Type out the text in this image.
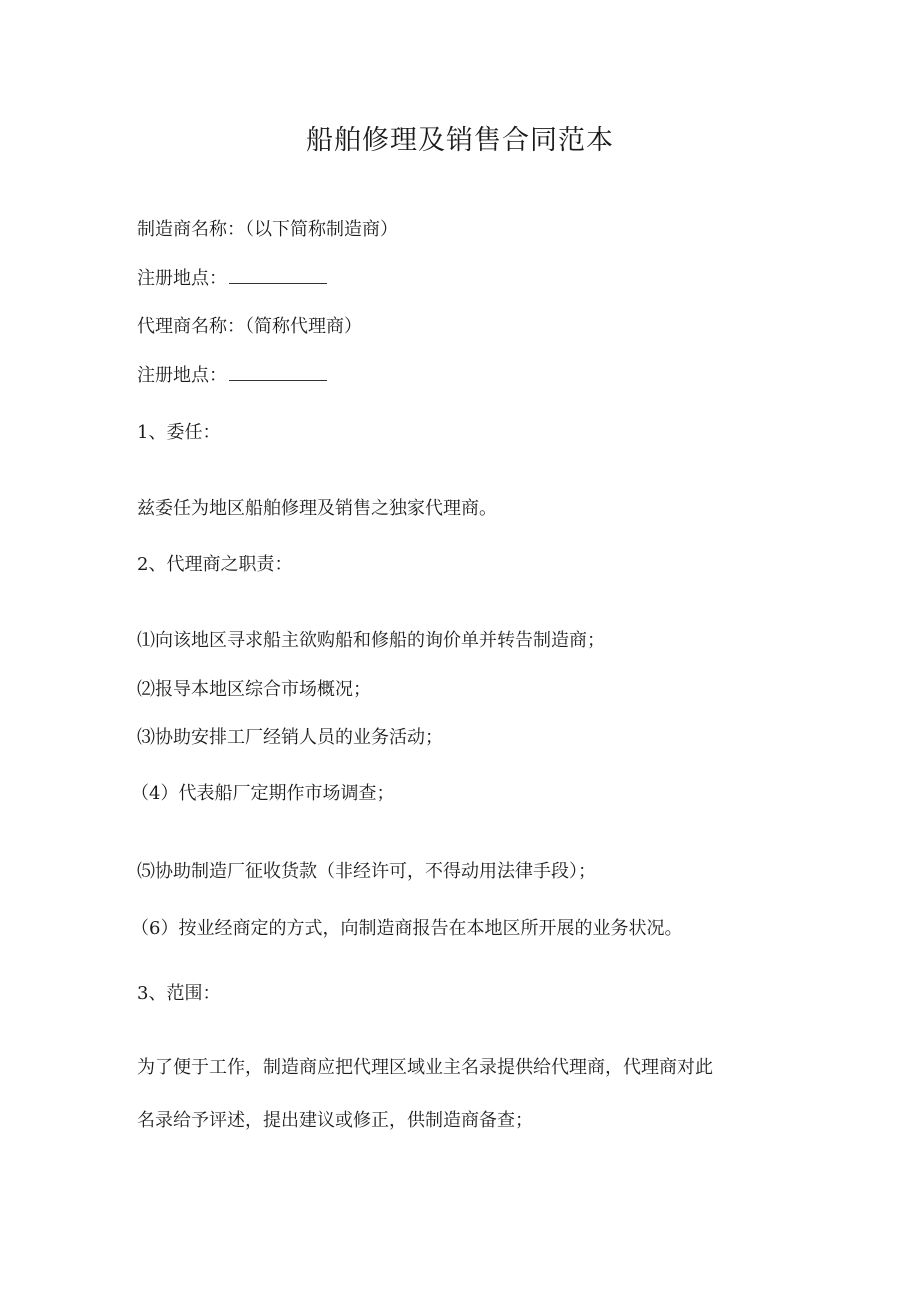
船舶修理及销售合同范本
制造商名称：（以下简称制造商）
注册地点：
代理商名称：（简称代理商）
注册地点：
1、委任：
兹委任为地区船舶修理及销售之独家代理商。
2、代理商之职责：
⑴向该地区寻求船主欲购船和修船的询价单并转告制造商；
⑵报导本地区综合市场概况；
⑶协助安排工厂经销人员的业务活动；
（4）代表船厂定期作市场调查；
⑸协助制造厂征收货款（非经许可，不得动用法律手段）；
（6）按业经商定的方式，向制造商报告在本地区所开展的业务状况。
3、范围：
为了便于工作，制造商应把代理区域业主名录提供给代理商，代理商对此
名录给予评述，提出建议或修正，供制造商备查；
